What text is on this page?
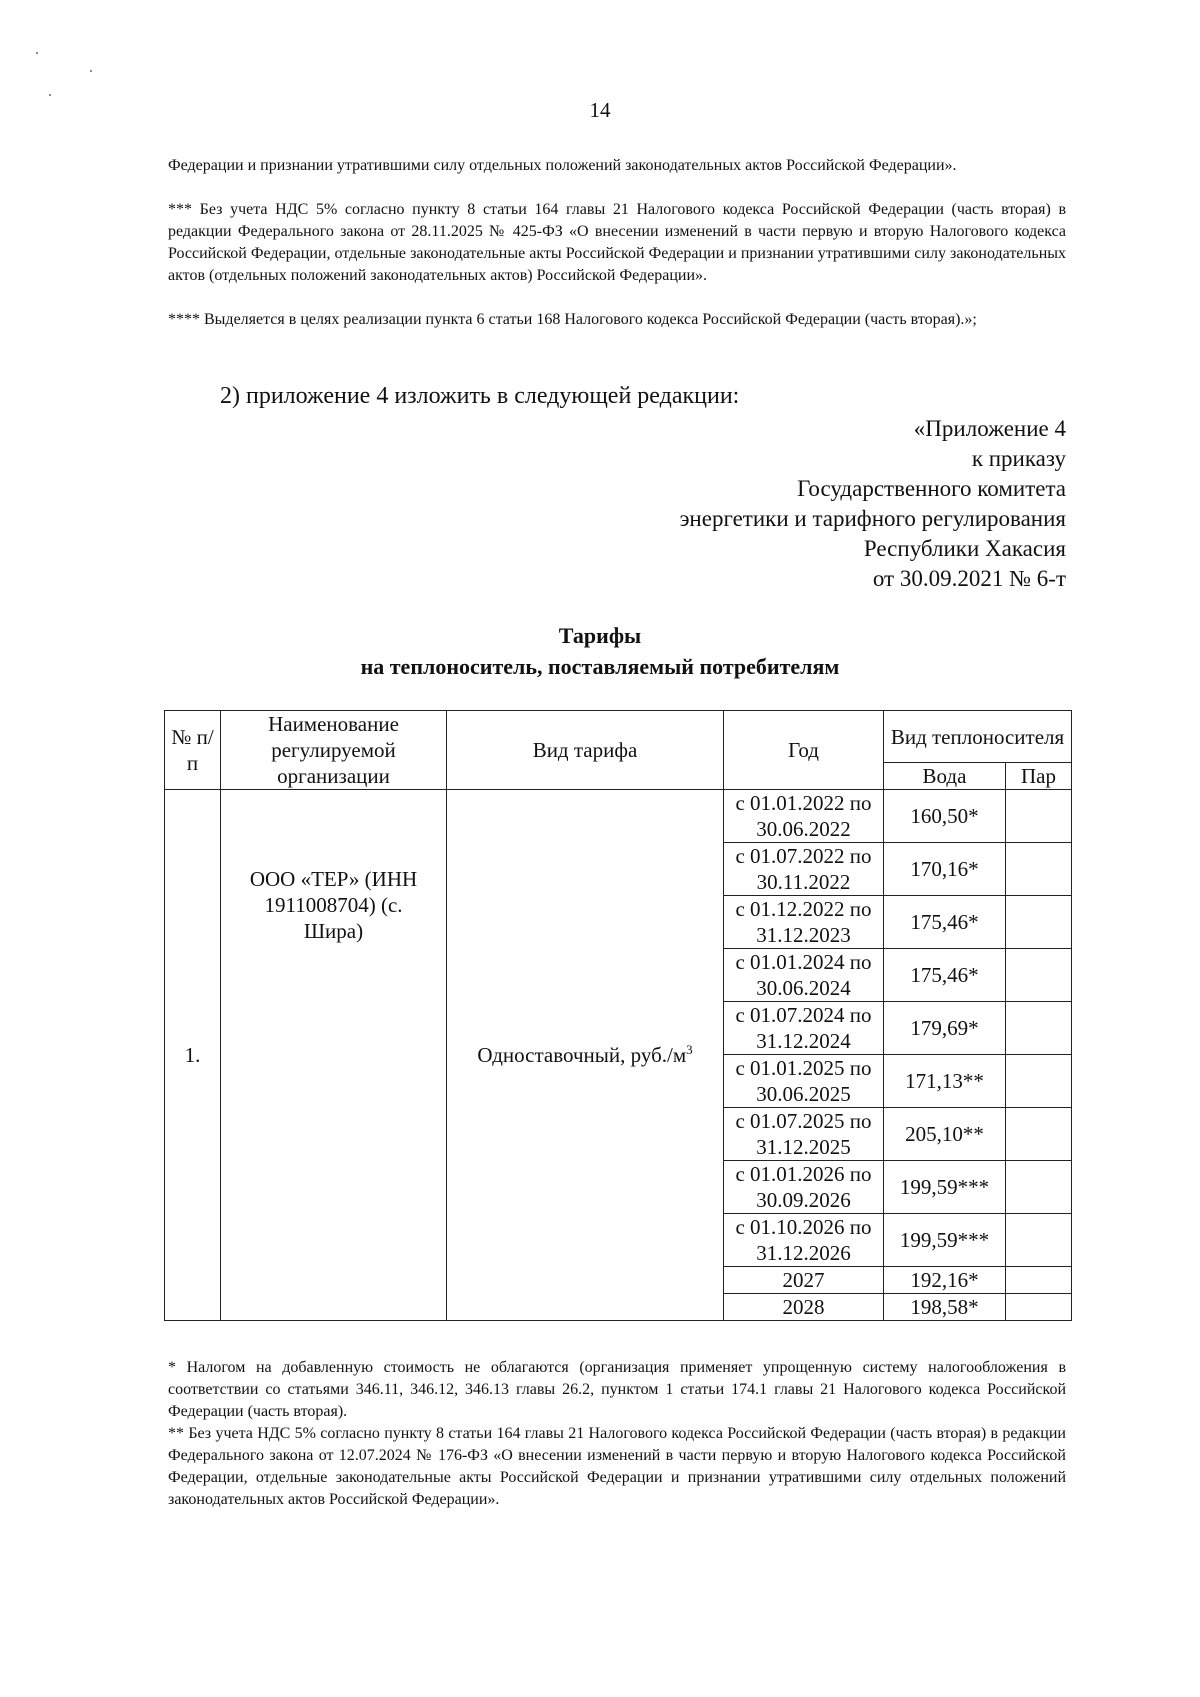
14
Федерации и признании утратившими силу отдельных положений законодательных актов Российской Федерации».
*** Без учета НДС 5% согласно пункту 8 статьи 164 главы 21 Налогового кодекса Российской Федерации (часть вторая) в редакции Федерального закона от 28.11.2025 № 425-ФЗ «О внесении изменений в части первую и вторую Налогового кодекса Российской Федерации, отдельные законодательные акты Российской Федерации и признании утратившими силу законодательных актов (отдельных положений законодательных актов) Российской Федерации».
**** Выделяется в целях реализации пункта 6 статьи 168 Налогового кодекса Российской Федерации (часть вторая).»;
2) приложение 4 изложить в следующей редакции:
«Приложение 4
к приказу
Государственного комитета
энергетики и тарифного регулирования
Республики Хакасия
от 30.09.2021 № 6-т
Тарифы
на теплоноситель, поставляемый потребителям
№ п/п	Наименование регулируемой организации	Вид тарифа	Год	Вид теплоносителя	
				Вода	Пар
1.	ООО «ТЕР» (ИНН 1911008704) (с. Шира)	Одноставочный, $руб./м^3$	с 01.01.2022 по 30.06.2022	160,50*	
			с 01.07.2022 по 30.11.2022	170,16*	
			с 01.12.2022 по 31.12.2023	175,46*	
			с 01.01.2024 по 30.06.2024	175,46*	
			с 01.07.2024 по 31.12.2024	179,69*	
			с 01.01.2025 по 30.06.2025	171,13**	
			с 01.07.2025 по 31.12.2025	205,10**	
			с 01.01.2026 по 30.09.2026	199,59***	
			с 01.10.2026 по 31.12.2026	199,59***	
			2027	192,16*	
			2028	198,58*	
* Налогом на добавленную стоимость не облагаются (организация применяет упрощенную систему налогообложения в соответствии со статьями 346.11, 346.12, 346.13 главы 26.2, пунктом 1 статьи 174.1 главы 21 Налогового кодекса Российской Федерации (часть вторая).
** Без учета НДС 5% согласно пункту 8 статьи 164 главы 21 Налогового кодекса Российской Федерации (часть вторая) в редакции Федерального закона от 12.07.2024 № 176-ФЗ «О внесении изменений в части первую и вторую Налогового кодекса Российской Федерации, отдельные законодательные акты Российской Федерации и признании утратившими силу отдельных положений законодательных актов Российской Федерации».
